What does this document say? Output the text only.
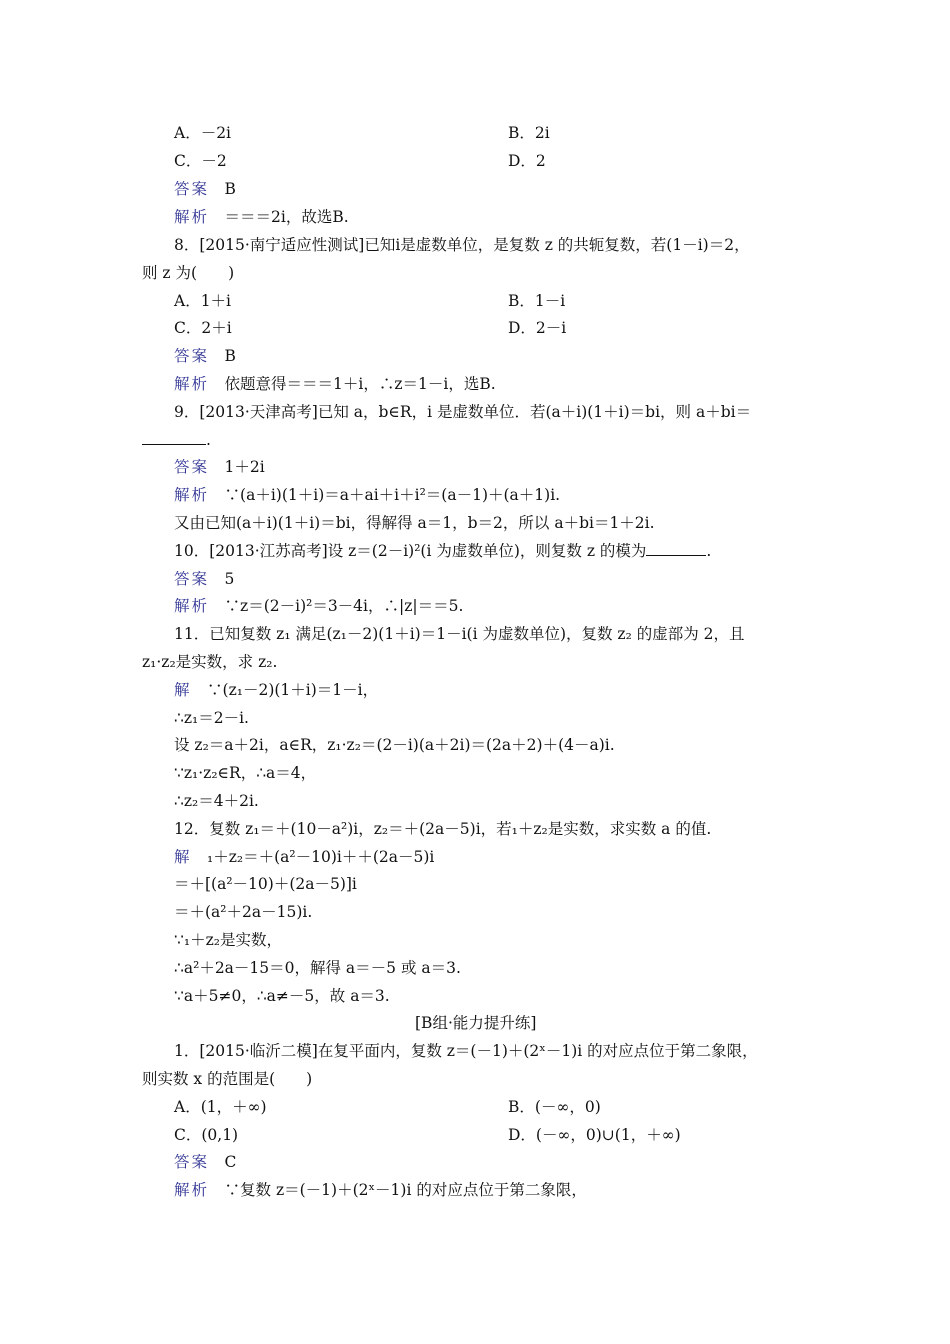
A．－2i	B．2i
C．－2	D．2
答案　 B
解析　 ＝＝＝2i，故选B.
8．[2015·南宁适应性测试]已知i是虚数单位，是复数 z 的共轭复数，若(1－i)＝2，
则 z 为(　　)
A．1＋i	B．1－i
C．2＋i	D．2－i
答案　 B
解析　 依题意得＝＝＝1＋i，∴z＝1－i，选B.
9．[2013·天津高考]已知 a，b∈R，i 是虚数单位．若(a＋i)(1＋i)＝bi，则 a＋bi＝
.
答案　 1＋2i
解析　 ∵(a＋i)(1＋i)＝a＋ai＋i＋i²＝(a－1)＋(a＋1)i.
又由已知(a＋i)(1＋i)＝bi，得解得 a＝1，b＝2，所以 a＋bi＝1＋2i.
10．[2013·江苏高考]设 z＝(2－i)²(i 为虚数单位)，则复数 z 的模为	.
答案　 5
解析　 ∵z＝(2－i)²＝3－4i，∴|z|＝＝5.
11．已知复数 z₁ 满足(z₁－2)(1＋i)＝1－i(i 为虚数单位)，复数 z₂ 的虚部为 2，且
z₁·z₂是实数，求 z₂.
解　 ∵(z₁－2)(1＋i)＝1－i，
∴z₁＝2－i.
设 z₂＝a＋2i，a∈R，z₁·z₂＝(2－i)(a＋2i)＝(2a＋2)＋(4－a)i.
∵z₁·z₂∈R，∴a＝4，
∴z₂＝4＋2i.
12．复数 z₁＝＋(10－a²)i，z₂＝＋(2a－5)i，若₁＋z₂是实数，求实数 a 的值.
解　 ₁＋z₂＝＋(a²－10)i＋＋(2a－5)i
＝＋[(a²－10)＋(2a－5)]i
＝＋(a²＋2a－15)i.
∵₁＋z₂是实数，
∴a²＋2a－15＝0，解得 a＝－5 或 a＝3.
∵a＋5≠0，∴a≠－5，故 a＝3.
[B组·能力提升练]
1．[2015·临沂二模]在复平面内，复数 z＝(－1)＋(2ˣ－1)i 的对应点位于第二象限，
则实数 x 的范围是(　　)
A．(1，＋∞)	B．(－∞，0)
C．(0,1)	D．(－∞，0)∪(1，＋∞)
答案　 C
解析　 ∵复数 z＝(－1)＋(2ˣ－1)i 的对应点位于第二象限，
